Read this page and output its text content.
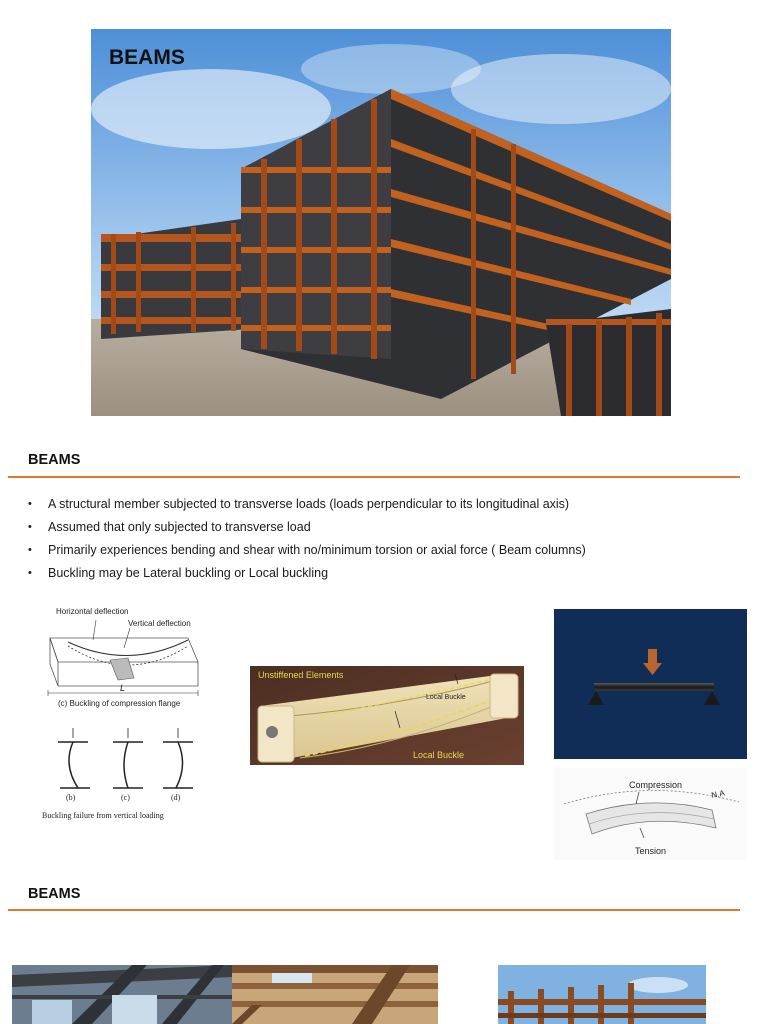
BEAMS
BEAMS
• A structural member subjected to transverse loads (loads perpendicular to its longitudinal axis)
• Assumed that only subjected to transverse load
• Primarily experiences bending and shear with no/minimum torsion or axial force ( Beam columns)
• Buckling may be Lateral buckling or Local buckling
Horizontal deflection
Vertical deflection
L
(c) Buckling of compression flange
(b)	(c)	(d)
Buckling failure from vertical loading
Unstiffened Elements
Local Buckle
Local Buckle
Compression
Tension
N.A
BEAMS
